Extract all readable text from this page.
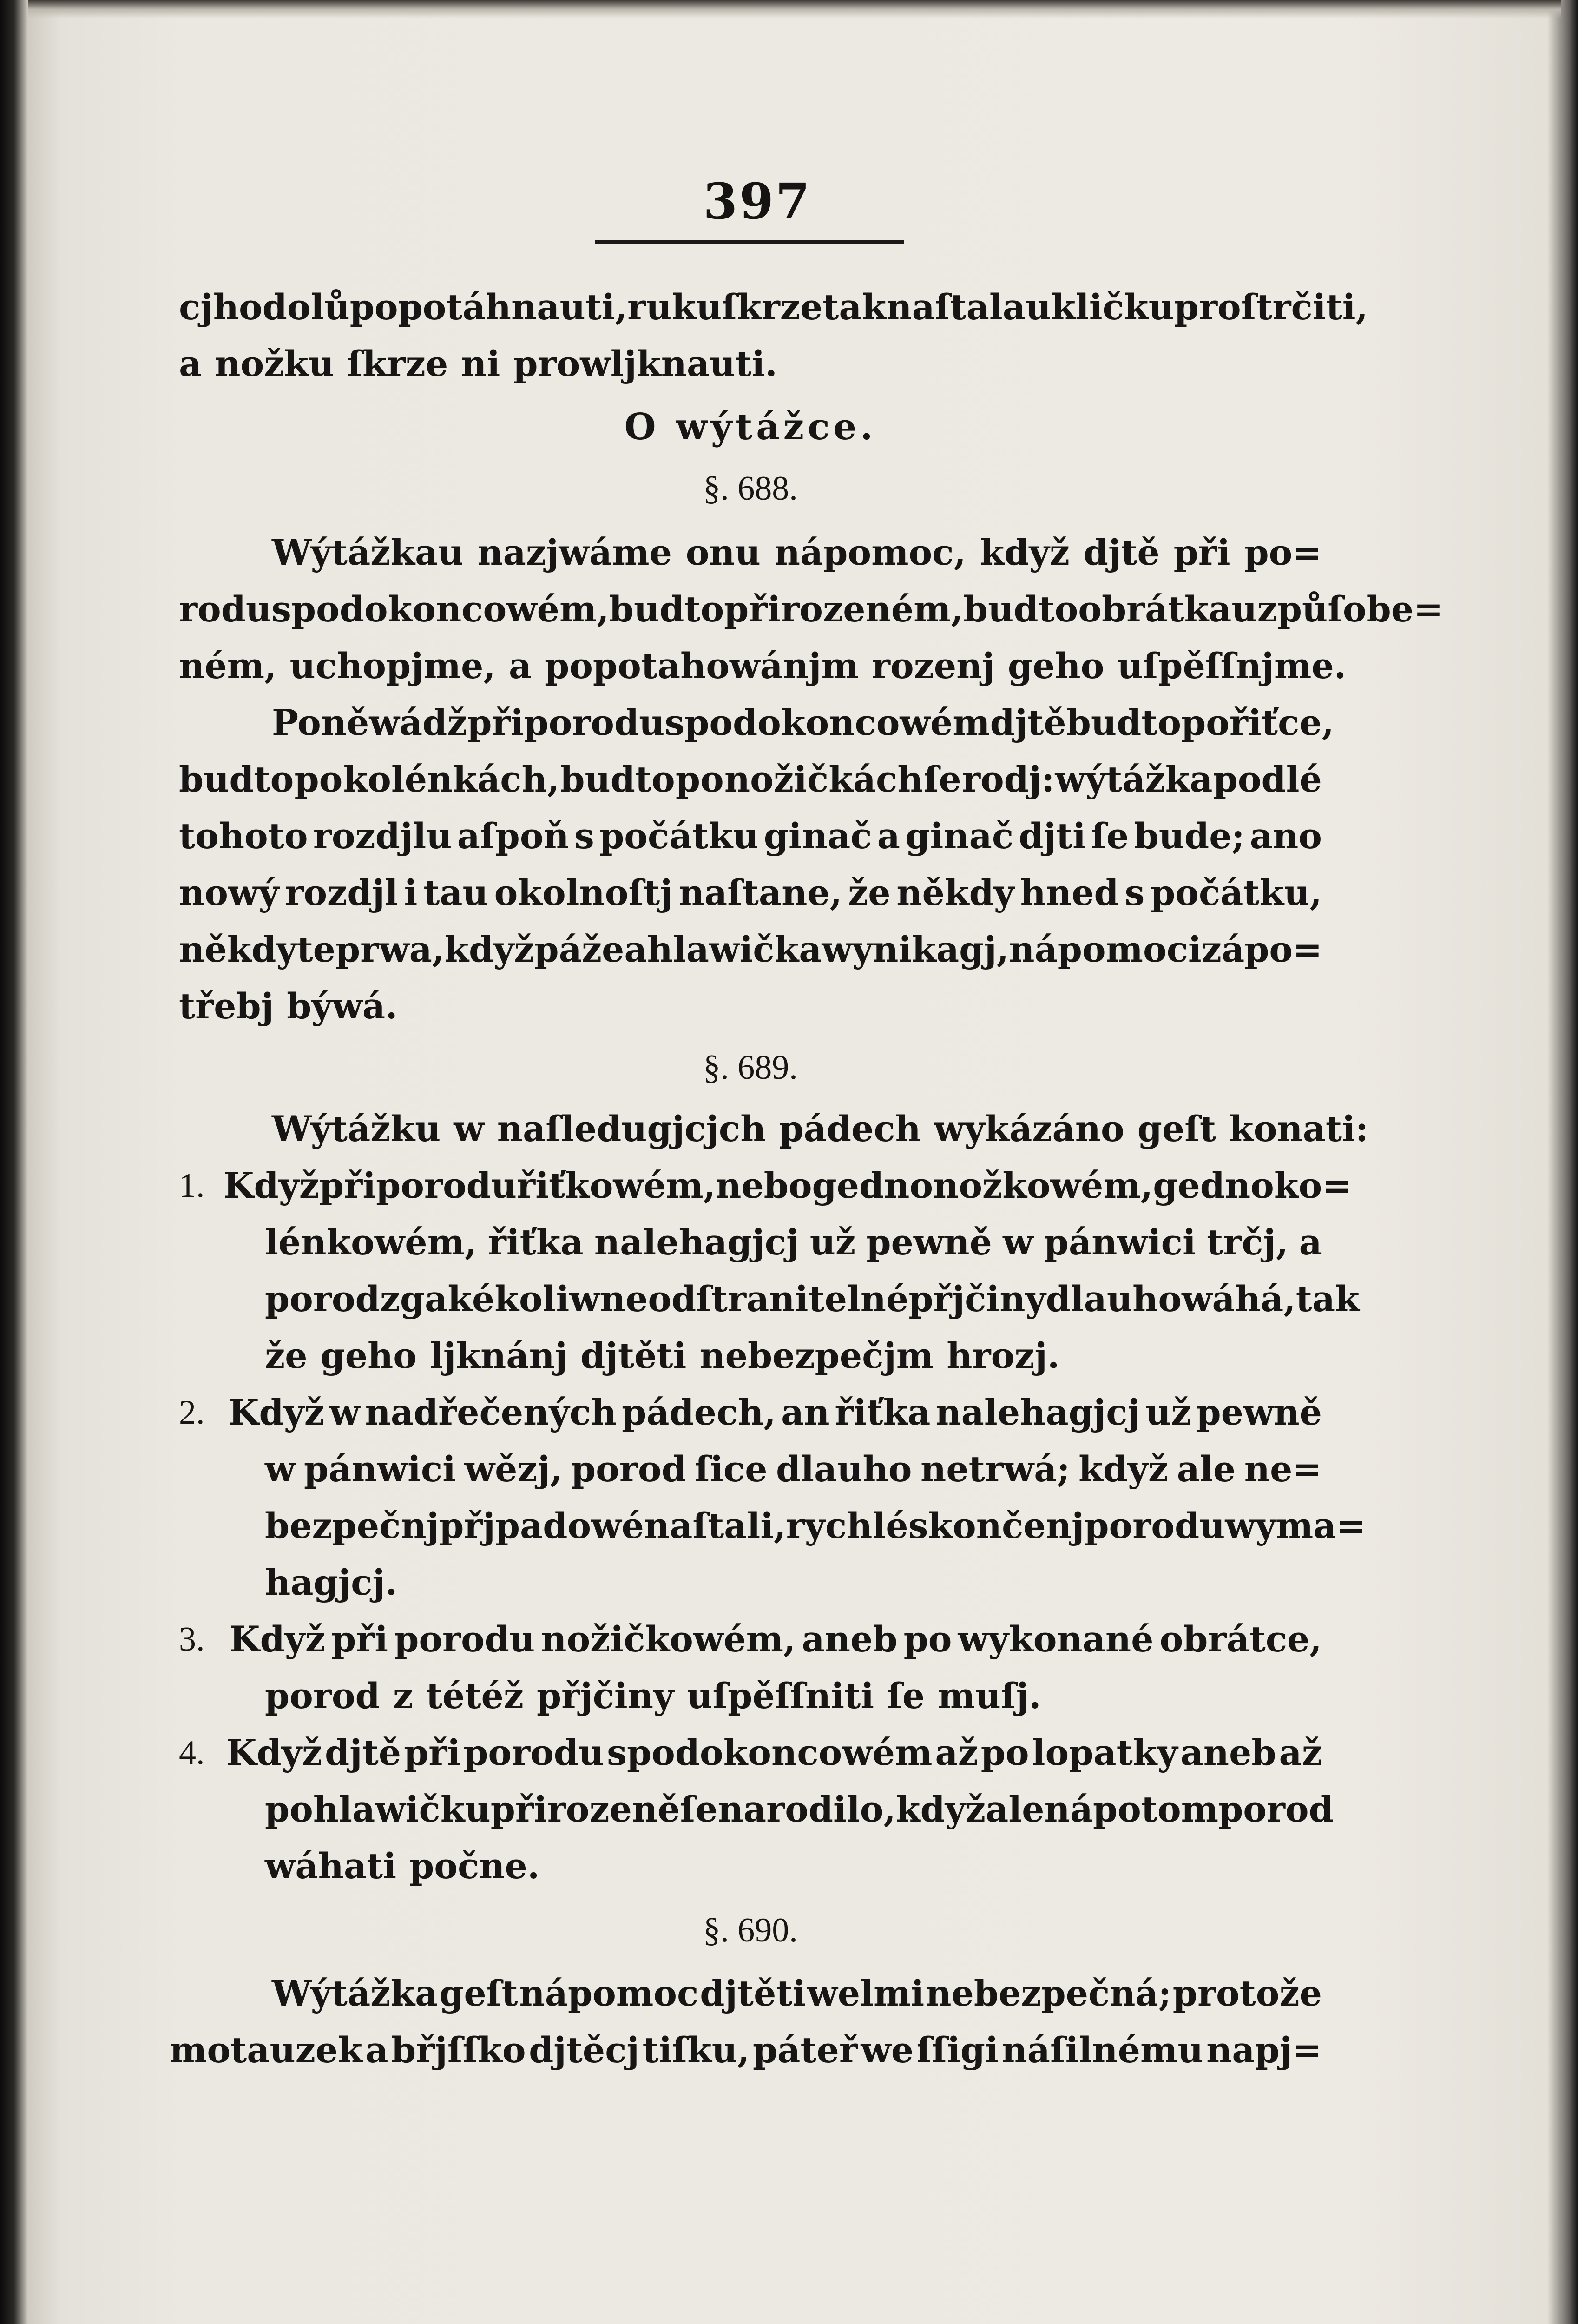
397
cjho dolů popotáhnauti, ruku ſkrze tak naſtalau kličku proſtrčiti,
a nožku ſkrze ni prowljknauti.
O wýtážce.
§. 688.
Wýtážkau nazjwáme onu nápomoc, když djtě při po=
rodu spodokoncowém, budto přirozeném, budto obrátkau způſobe=
ném, uchopjme, a popotahowánjm rozenj geho uſpěſſnjme.
Poněwádž při porodu spodokoncowém djtě budto po řiťce,
budto po kolénkách, budto po nožičkách ſe rodj: wýtážka podlé
tohoto rozdjlu aſpoň s počátku ginač a ginač djti ſe bude; ano
nowý rozdjl i tau okolnoſtj naſtane, že někdy hned s počátku,
někdy teprwa, když páže a hlawička wynikagj, nápomoci zápo=
třebj býwá.
§. 689.
Wýtážku w naſledugjcjch pádech wykázáno geſt konati:
1. Když při porodu řiťkowém, nebo gednonožkowém, gednoko=
lénkowém, řiťka nalehagjcj už pewně w pánwici trčj, a
porod z gakékoliw neodſtranitelné přjčiny dlauho wáhá, tak
že geho ljknánj djtěti nebezpečjm hrozj.
2. Když w nadřečených pádech, an řiťka nalehagjcj už pewně
w pánwici wězj, porod ſice dlauho netrwá; když ale ne=
bezpečnj přjpadowé naſtali, rychlé skončenj porodu wyma=
hagjcj.
3. Když při porodu nožičkowém, aneb po wykonané obrátce,
porod z tétéž přjčiny uſpěſſniti ſe muſj.
4. Když djtě při porodu spodokoncowém až po lopatky aneb až
po hlawičku přirozeně ſe narodilo, když ale nápotom porod
wáhati počne.
§. 690.
Wýtážka geſt nápomoc djtěti welmi nebezpečná; protože
motauzek a břjſſko djtěcj tiſku, páteř we ſſigi náſilnému napj=
